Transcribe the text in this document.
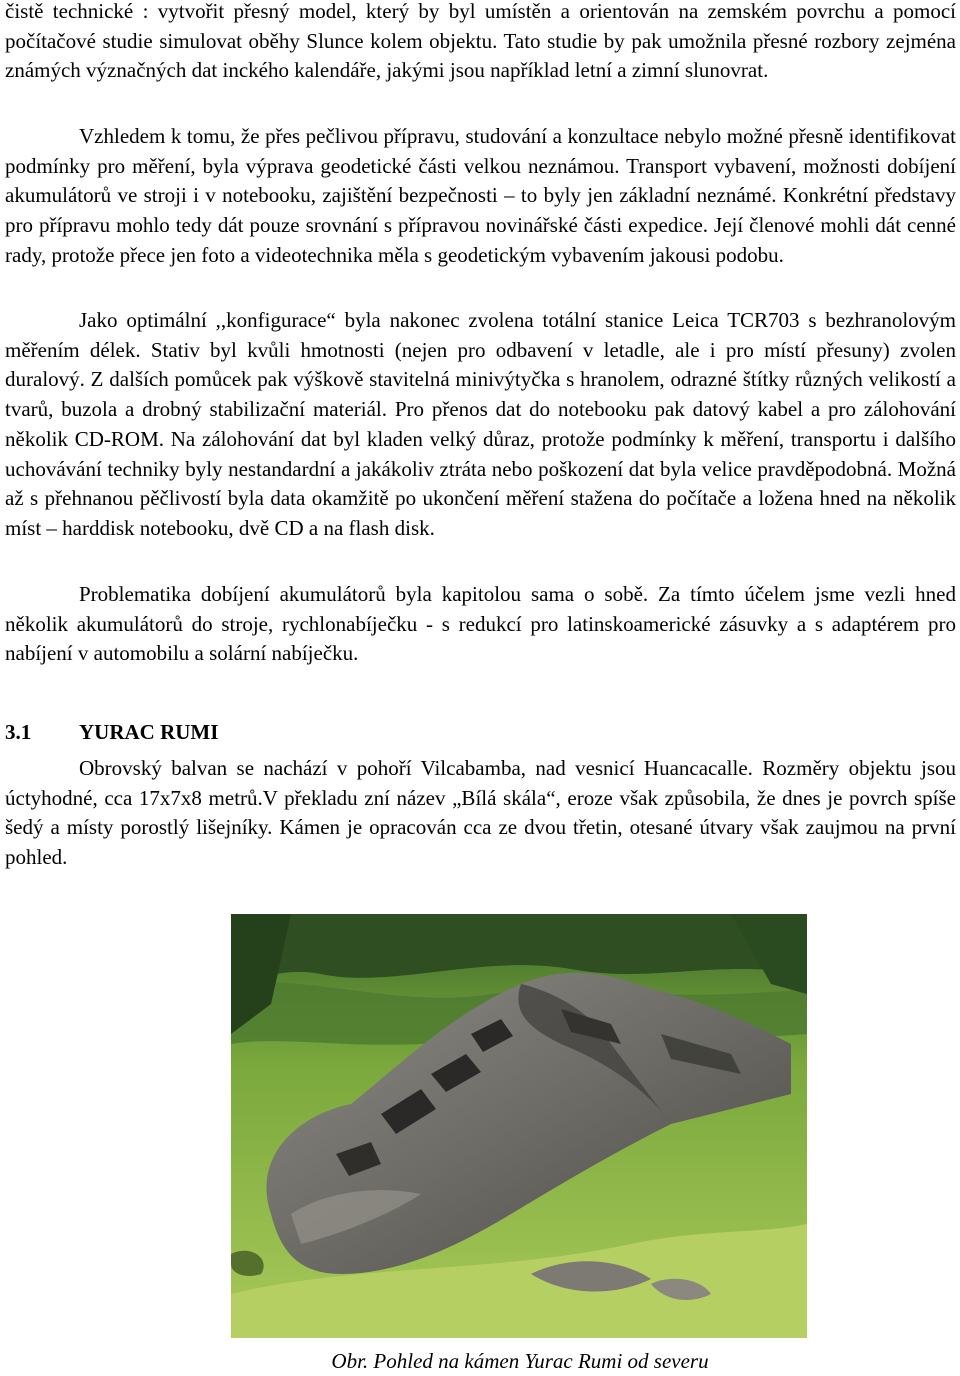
čistě technické : vytvořit přesný model, který by byl umístěn a orientován na zemském povrchu a pomocí počítačové studie simulovat oběhy Slunce kolem objektu. Tato studie by pak umožnila přesné rozbory zejména známých význačných dat inckého kalendáře, jakými jsou například letní a zimní slunovrat.

Vzhledem k tomu, že přes pečlivou přípravu, studování a konzultace nebylo možné přesně identifikovat podmínky pro měření, byla výprava geodetické části velkou neznámou. Transport vybavení, možnosti dobíjení akumulátorů ve stroji i v notebooku, zajištění bezpečnosti – to byly jen základní neznámé. Konkrétní představy pro přípravu mohlo tedy dát pouze srovnání s přípravou novinářské části expedice. Její členové mohli dát cenné rady, protože přece jen foto a videotechnika měla s geodetickým vybavením jakousi podobu.

Jako optimální ,,konfigurace“ byla nakonec zvolena totální stanice Leica TCR703 s bezhranolovým měřením délek. Stativ byl kvůli hmotnosti (nejen pro odbavení v letadle, ale i pro místí přesuny) zvolen duralový. Z dalších pomůcek pak výškově stavitelná minivýtyčka s hranolem, odrazné štítky různých velikostí a tvarů, buzola a drobný stabilizační materiál. Pro přenos dat do notebooku pak datový kabel a pro zálohování několik CD-ROM. Na zálohování dat byl kladen velký důraz, protože podmínky k měření, transportu i dalšího uchovávání techniky byly nestandardní a jakákoliv ztráta nebo poškození dat byla velice pravděpodobná. Možná až s přehnanou pěčlivostí byla data okamžitě po ukončení měření stažena do počítače a ložena hned na několik míst – harddisk notebooku, dvě CD a na flash disk.

Problematika dobíjení akumulátorů byla kapitolou sama o sobě. Za tímto účelem jsme vezli hned několik akumulátorů do stroje, rychlonabíječku - s redukcí pro latinskoamerické zásuvky a s adaptérem pro nabíjení v automobilu a solární nabíječku.

3.1 YURAC RUMI

Obrovský balvan se nachází v pohoří Vilcabamba, nad vesnicí Huancacalle. Rozměry objektu jsou úctyhodné, cca 17x7x8 metrů.V překladu zní název „Bílá skála“, eroze však způsobila, že dnes je povrch spíše šedý a místy porostlý lišejníky. Kámen je opracován cca ze dvou třetin, otesané útvary však zaujmou na první pohled.

Obr. Pohled na kámen Yurac Rumi od severu
